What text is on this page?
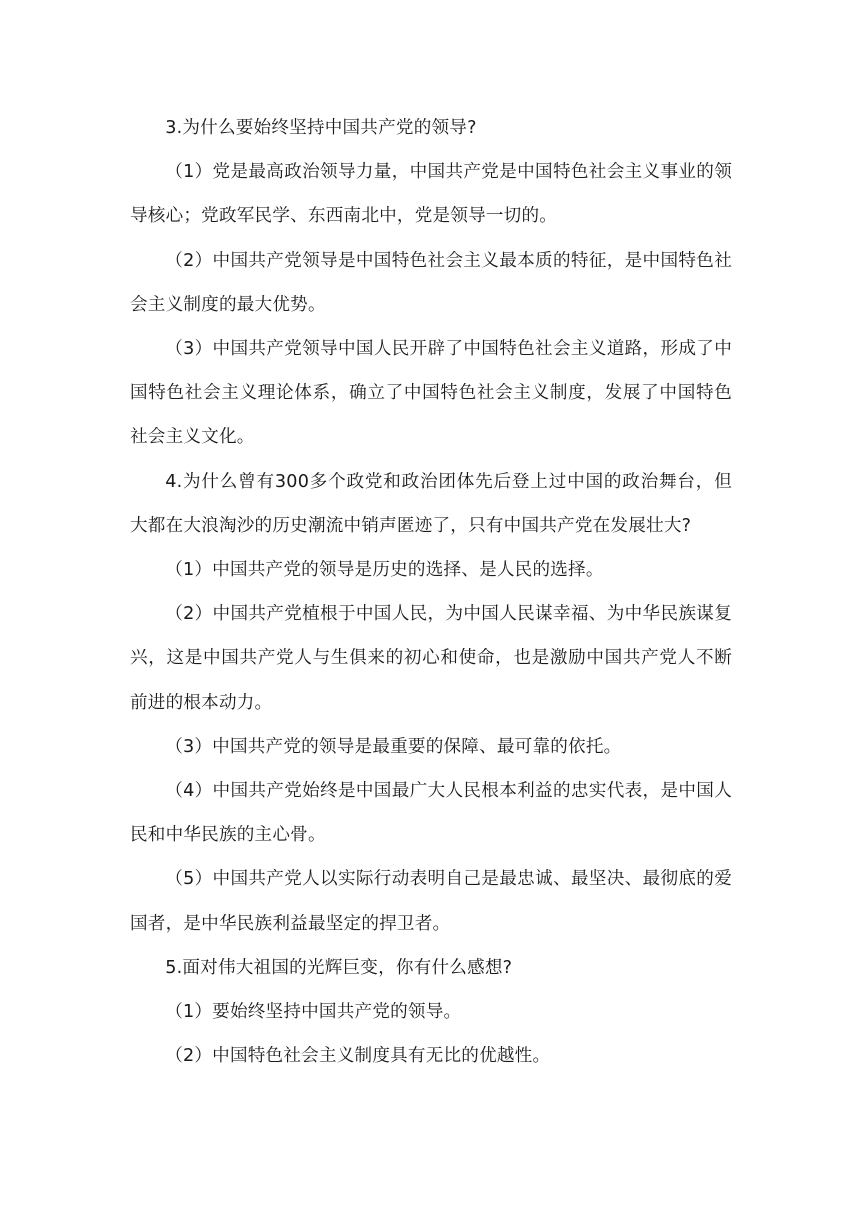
3.为什么要始终坚持中国共产党的领导?

（1）党是最高政治领导力量，中国共产党是中国特色社会主义事业的领导核心；党政军民学、东西南北中，党是领导一切的。

（2）中国共产党领导是中国特色社会主义最本质的特征，是中国特色社会主义制度的最大优势。

（3）中国共产党领导中国人民开辟了中国特色社会主义道路，形成了中国特色社会主义理论体系，确立了中国特色社会主义制度，发展了中国特色社会主义文化。

4.为什么曾有300多个政党和政治团体先后登上过中国的政治舞台，但大都在大浪淘沙的历史潮流中销声匿迹了，只有中国共产党在发展壮大?

（1）中国共产党的领导是历史的选择、是人民的选择。

（2）中国共产党植根于中国人民，为中国人民谋幸福、为中华民族谋复兴，这是中国共产党人与生俱来的初心和使命，也是激励中国共产党人不断前进的根本动力。

（3）中国共产党的领导是最重要的保障、最可靠的依托。

（4）中国共产党始终是中国最广大人民根本利益的忠实代表，是中国人民和中华民族的主心骨。

（5）中国共产党人以实际行动表明自己是最忠诚、最坚决、最彻底的爱国者，是中华民族利益最坚定的捍卫者。

5.面对伟大祖国的光辉巨变，你有什么感想?

（1）要始终坚持中国共产党的领导。

（2）中国特色社会主义制度具有无比的优越性。
